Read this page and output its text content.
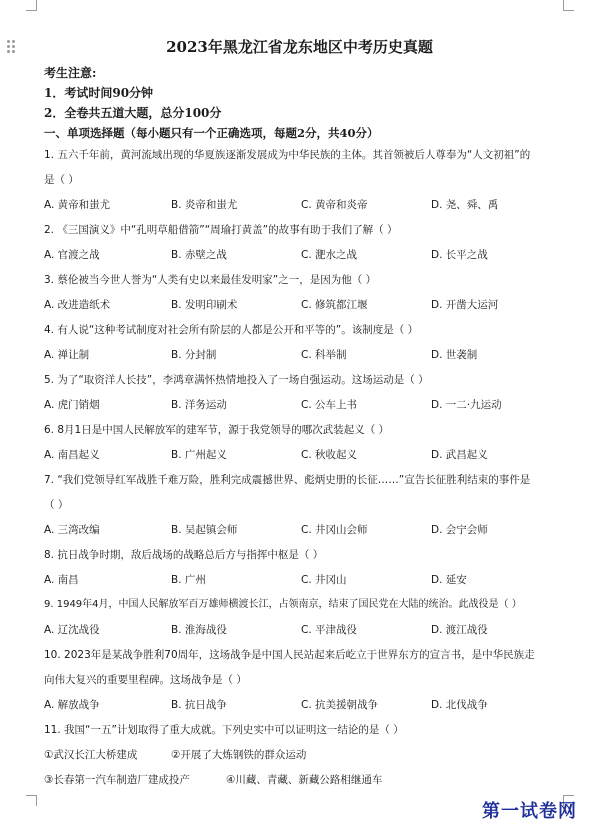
2023年黑龙江省龙东地区中考历史真题
考生注意:
1．考试时间90分钟
2．全卷共五道大题，总分100分
一、单项选择题（每小题只有一个正确选项，每题2分，共40分）
1. 五六千年前，黄河流域出现的华夏族逐渐发展成为中华民族的主体。其首领被后人尊奉为“人文初祖”的
是（ ）
A. 黄帝和蚩尤	B. 炎帝和蚩尤	C. 黄帝和炎帝	D. 尧、舜、禹
2. 《三国演义》中“孔明草船借箭”“周瑜打黄盖”的故事有助于我们了解（ ）
A. 官渡之战	B. 赤壁之战	C. 淝水之战	D. 长平之战
3. 蔡伦被当今世人誉为“人类有史以来最佳发明家”之一，是因为他（ ）
A. 改进造纸术	B. 发明印刷术	C. 修筑都江堰	D. 开凿大运河
4. 有人说“这种考试制度对社会所有阶层的人都是公开和平等的”。该制度是（ ）
A. 禅让制	B. 分封制	C. 科举制	D. 世袭制
5. 为了“取资洋人长技”，李鸿章满怀热情地投入了一场自强运动。这场运动是（ ）
A. 虎门销烟	B. 洋务运动	C. 公车上书	D. 一二·九运动
6. 8月1日是中国人民解放军的建军节，源于我党领导的哪次武装起义（ ）
A. 南昌起义	B. 广州起义	C. 秋收起义	D. 武昌起义
7. “我们党领导红军战胜千难万险，胜利完成震撼世界、彪炳史册的长征……”宣告长征胜利结束的事件是
（ ）
A. 三湾改编	B. 吴起镇会师	C. 井冈山会师	D. 会宁会师
8. 抗日战争时期，敌后战场的战略总后方与指挥中枢是（ ）
A. 南昌	B. 广州	C. 井冈山	D. 延安
9. 1949年4月，中国人民解放军百万雄师横渡长江，占领南京，结束了国民党在大陆的统治。此战役是（ ）
A. 辽沈战役	B. 淮海战役	C. 平津战役	D. 渡江战役
10. 2023年是某战争胜利70周年，这场战争是中国人民站起来后屹立于世界东方的宣言书，是中华民族走
向伟大复兴的重要里程碑。这场战争是（ ）
A. 解放战争	B. 抗日战争	C. 抗美援朝战争	D. 北伐战争
11. 我国“一五”计划取得了重大成就。下列史实中可以证明这一结论的是（ ）
①武汉长江大桥建成	②开展了大炼钢铁的群众运动
③长春第一汽车制造厂建成投产	④川藏、青藏、新藏公路相继通车
第一试卷网
